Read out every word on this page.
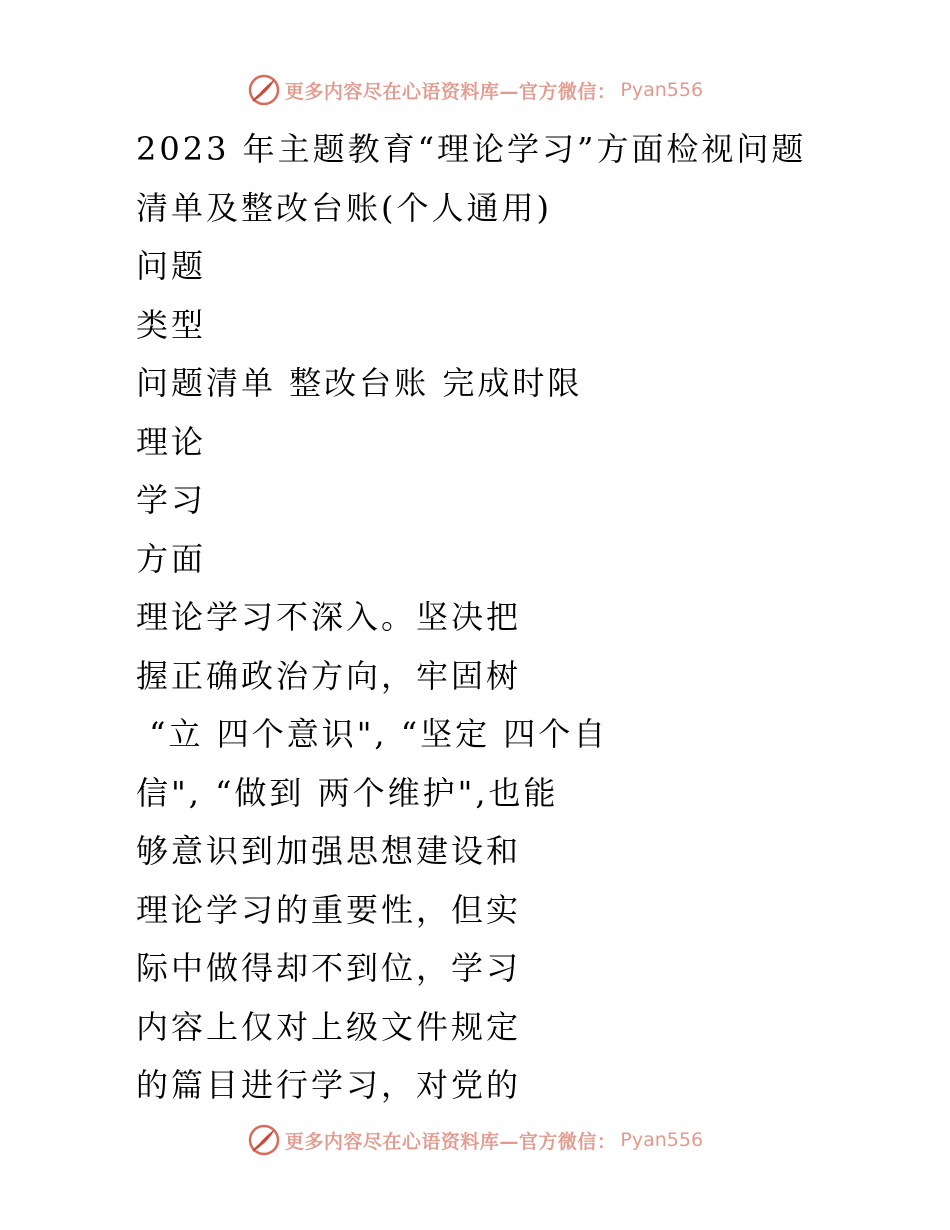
更多内容尽在心语资料库—官方微信： Pyan556
2023 年主题教育“理论学习”方面检视问题
清单及整改台账(个人通用)
问题
类型
问题清单 整改台账 完成时限
理论
学习
方面
理论学习不深入。坚决把
握正确政治方向，牢固树
“立 四个意识", “坚定 四个自
信", “做到 两个维护",也能
够意识到加强思想建设和
理论学习的重要性，但实
际中做得却不到位，学习
内容上仅对上级文件规定
的篇目进行学习，对党的
更多内容尽在心语资料库—官方微信： Pyan556
